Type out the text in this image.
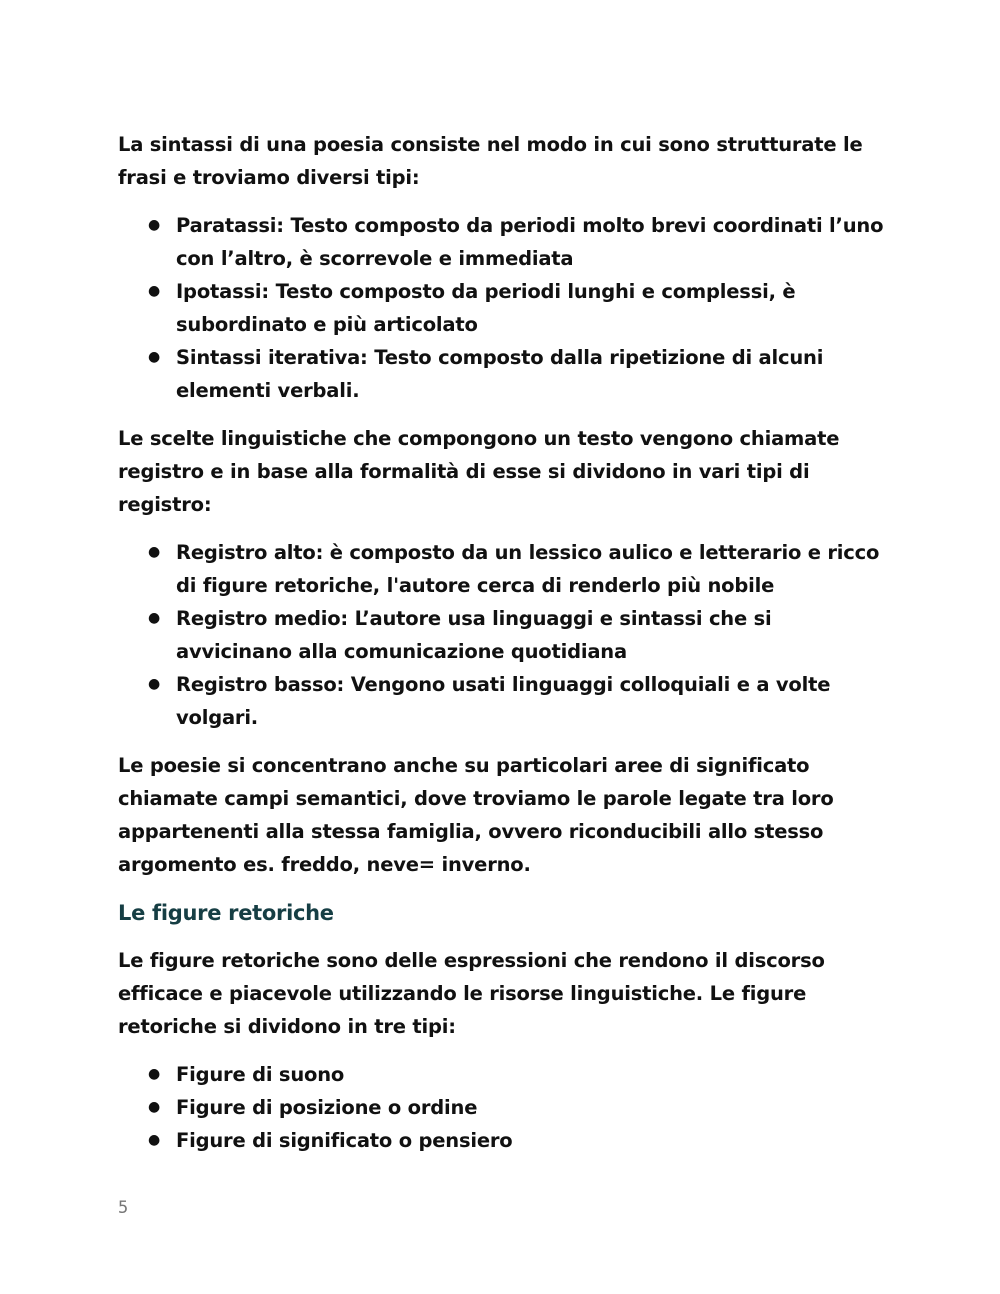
La sintassi di una poesia consiste nel modo in cui sono strutturate le frasi e troviamo diversi tipi:

● Paratassi: Testo composto da periodi molto brevi coordinati l’uno con l’altro, è scorrevole e immediata
● Ipotassi: Testo composto da periodi lunghi e complessi, è subordinato e più articolato
● Sintassi iterativa: Testo composto dalla ripetizione di alcuni elementi verbali.

Le scelte linguistiche che compongono un testo vengono chiamate registro e in base alla formalità di esse si dividono in vari tipi di registro:

● Registro alto: è composto da un lessico aulico e letterario e ricco di figure retoriche, l'autore cerca di renderlo più nobile
● Registro medio: L’autore usa linguaggi e sintassi che si avvicinano alla comunicazione quotidiana
● Registro basso: Vengono usati linguaggi colloquiali e a volte volgari.

Le poesie si concentrano anche su particolari aree di significato chiamate campi semantici, dove troviamo le parole legate tra loro appartenenti alla stessa famiglia, ovvero riconducibili allo stesso argomento es. freddo, neve= inverno.

Le figure retoriche

Le figure retoriche sono delle espressioni che rendono il discorso efficace e piacevole utilizzando le risorse linguistiche. Le figure retoriche si dividono in tre tipi:

● Figure di suono
● Figure di posizione o ordine
● Figure di significato o pensiero
5
